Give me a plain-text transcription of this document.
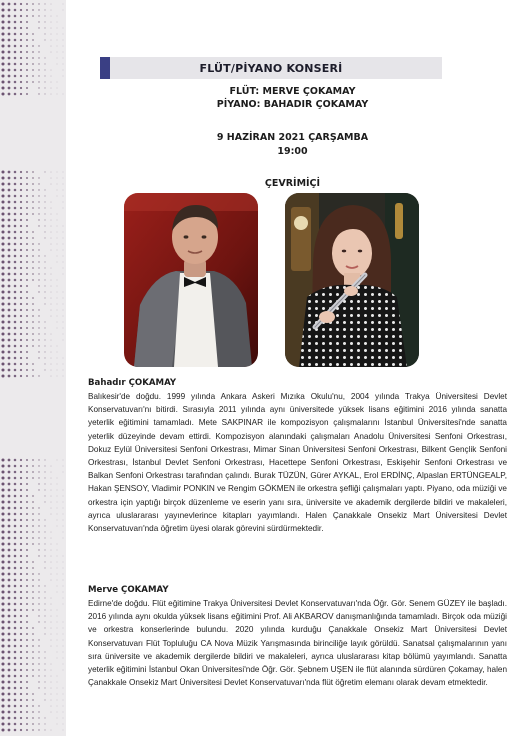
FLÜT/PİYANO KONSERİ
FLÜT: MERVE ÇOKAMAY
PİYANO: BAHADIR ÇOKAMAY
9 HAZİRAN 2021 ÇARŞAMBA
19:00
ÇEVRİMİÇİ
Bahadır ÇOKAMAY

Balıkesir'de doğdu. 1999 yılında Ankara Askeri Mızıka Okulu'nu, 2004 yılında Trakya Üniversitesi Devlet Konservatuvarı'nı bitirdi. Sırasıyla 2011 yılında aynı üniversitede yüksek lisans eğitimini 2016 yılında sanatta yeterlik eğitimini tamamladı. Mete SAKPINAR ile kompozisyon çalışmalarını İstanbul Üniversitesi'nde sanatta yeterlik düzeyinde devam ettirdi. Kompozisyon alanındaki çalışmaları Anadolu Üniversitesi Senfoni Orkestrası, Dokuz Eylül Üniversitesi Senfoni Orkestrası, Mimar Sinan Üniversitesi Senfoni Orkestrası, Bilkent Gençlik Senfoni Orkestrası, İstanbul Devlet Senfoni Orkestrası, Hacettepe Senfoni Orkestrası, Eskişehir Senfoni Orkestrası ve Balkan Senfoni Orkestrası tarafından çalındı. Burak TÜZÜN, Gürer AYKAL, Erol ERDİNÇ, Alpaslan ERTÜNGEALP, Hakan ŞENSOY, Vladimir PONKIN ve Rengim GÖKMEN ile orkestra şefliği çalışmaları yaptı. Piyano, oda müziği ve orkestra için yaptığı birçok düzenleme ve eserin yanı sıra, üniversite ve akademik dergilerde bildiri ve makaleleri, ayrıca uluslararası yayınevlerince kitapları yayımlandı. Halen Çanakkale Onsekiz Mart Üniversitesi Devlet Konservatuvarı'nda öğretim üyesi olarak görevini sürdürmektedir.

Merve ÇOKAMAY

Edirne'de doğdu. Flüt eğitimine Trakya Üniversitesi Devlet Konservatuvarı'nda Öğr. Gör. Senem GÜZEY ile başladı. 2016 yılında aynı okulda yüksek lisans eğitimini Prof. Ali AKBAROV danışmanlığında tamamladı. Birçok oda müziği ve orkestra konserlerinde bulundu. 2020 yılında kurduğu Çanakkale Onsekiz Mart Üniversitesi Devlet Konservatuvarı Flüt Topluluğu CA Nova Müzik Yarışmasında birinciliğe layık görüldü. Sanatsal çalışmalarının yanı sıra üniversite ve akademik dergilerde bildiri ve makaleleri, ayrıca uluslararası kitap bölümü yayımlandı. Sanatta yeterlik eğitimini İstanbul Okan Üniversitesi'nde Öğr. Gör. Şebnem UŞEN ile flüt alanında sürdüren Çokamay, halen Çanakkale Onsekiz Mart Üniversitesi Devlet Konservatuvarı'nda flüt öğretim elemanı olarak devam etmektedir.
